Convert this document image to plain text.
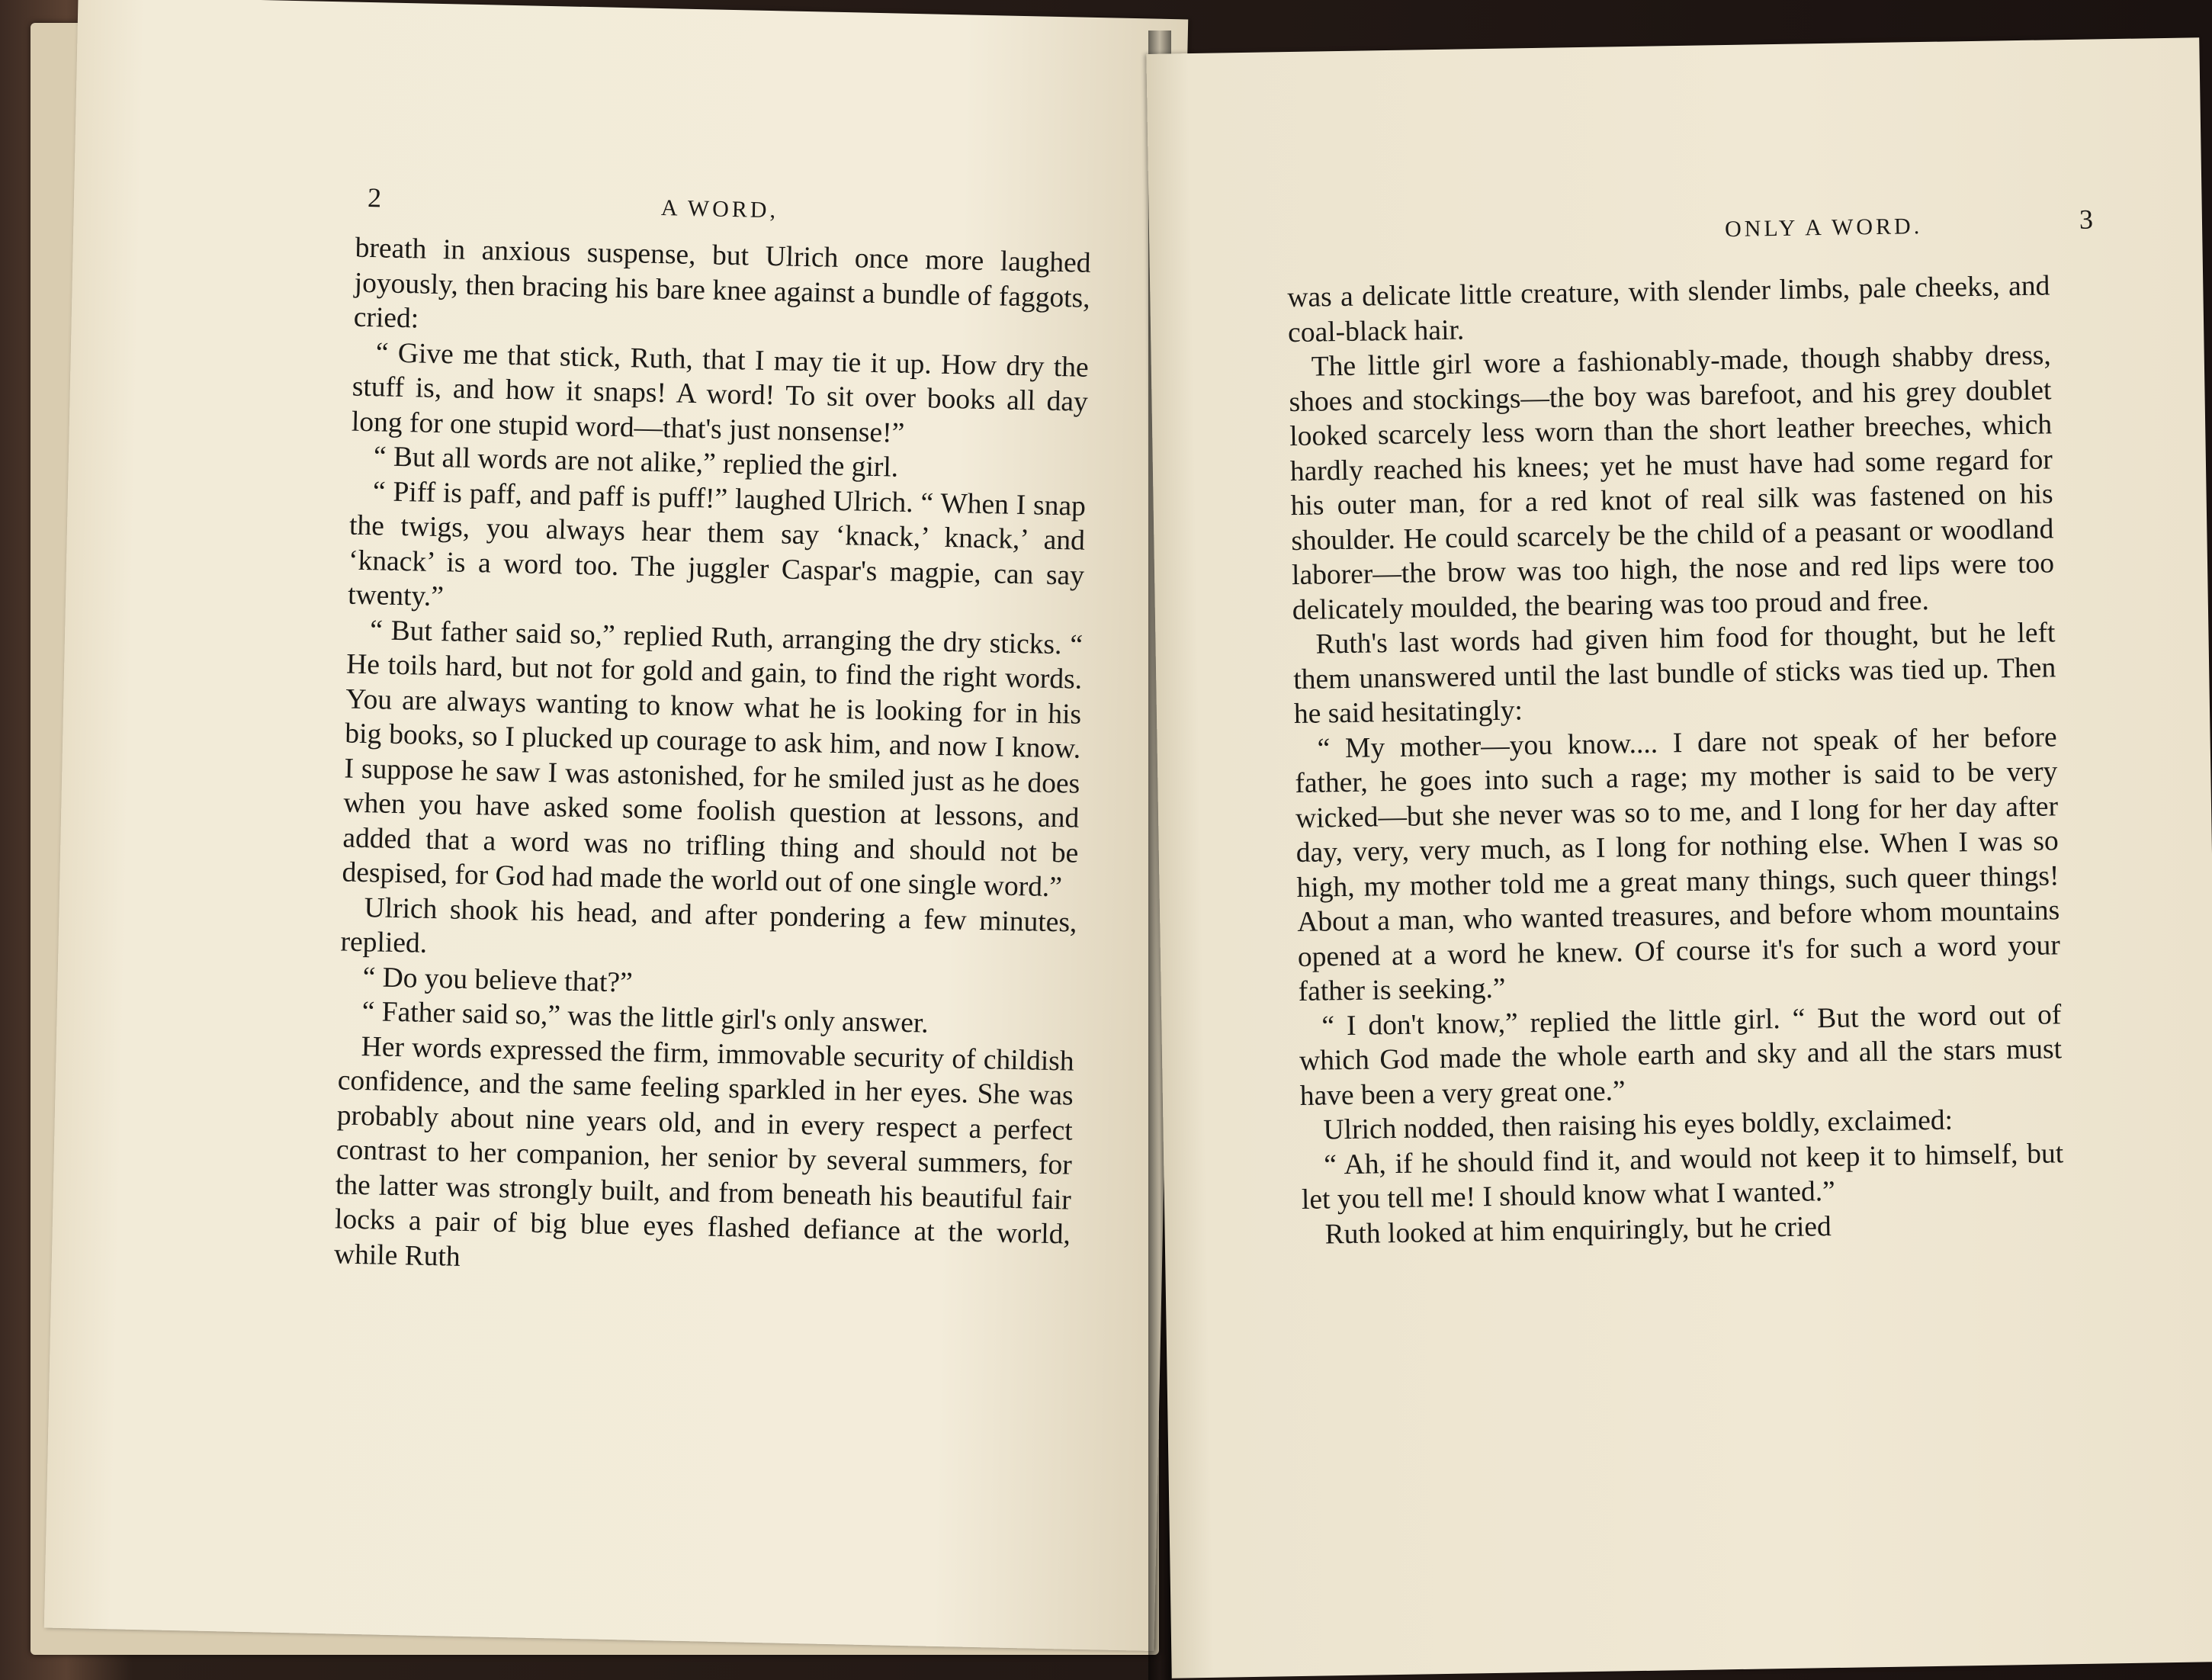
2	A WORD,

breath in anxious suspense, but Ulrich once more laughed joyously, then bracing his bare knee against a bundle of faggots, cried:

“ Give me that stick, Ruth, that I may tie it up. How dry the stuff is, and how it snaps! A word! To sit over books all day long for one stupid word—that's just nonsense!”

“ But all words are not alike,” replied the girl.

“ Piff is paff, and paff is puff!” laughed Ulrich. “ When I snap the twigs, you always hear them say ‘knack,’ knack,’ and ‘knack’ is a word too. The juggler Caspar's magpie, can say twenty.”

“ But father said so,” replied Ruth, arranging the dry sticks. “ He toils hard, but not for gold and gain, to find the right words. You are always wanting to know what he is looking for in his big books, so I plucked up courage to ask him, and now I know. I suppose he saw I was astonished, for he smiled just as he does when you have asked some foolish question at lessons, and added that a word was no trifling thing and should not be despised, for God had made the world out of one single word.”

Ulrich shook his head, and after pondering a few minutes, replied.

“ Do you believe that?”

“ Father said so,” was the little girl's only answer.

Her words expressed the firm, immovable security of childish confidence, and the same feeling sparkled in her eyes. She was probably about nine years old, and in every respect a perfect contrast to her companion, her senior by several summers, for the latter was strongly built, and from beneath his beautiful fair locks a pair of big blue eyes flashed defiance at the world, while Ruth

ONLY A WORD.	3

was a delicate little creature, with slender limbs, pale cheeks, and coal-black hair.

The little girl wore a fashionably-made, though shabby dress, shoes and stockings—the boy was barefoot, and his grey doublet looked scarcely less worn than the short leather breeches, which hardly reached his knees; yet he must have had some regard for his outer man, for a red knot of real silk was fastened on his shoulder. He could scarcely be the child of a peasant or woodland laborer—the brow was too high, the nose and red lips were too delicately moulded, the bearing was too proud and free.

Ruth's last words had given him food for thought, but he left them unanswered until the last bundle of sticks was tied up. Then he said hesitatingly:

“ My mother—you know.... I dare not speak of her before father, he goes into such a rage; my mother is said to be very wicked—but she never was so to me, and I long for her day after day, very, very much, as I long for nothing else. When I was so high, my mother told me a great many things, such queer things! About a man, who wanted treasures, and before whom mountains opened at a word he knew. Of course it's for such a word your father is seeking.”

“ I don't know,” replied the little girl. “ But the word out of which God made the whole earth and sky and all the stars must have been a very great one.”

Ulrich nodded, then raising his eyes boldly, exclaimed:

“ Ah, if he should find it, and would not keep it to himself, but let you tell me! I should know what I wanted.”

Ruth looked at him enquiringly, but he cried
